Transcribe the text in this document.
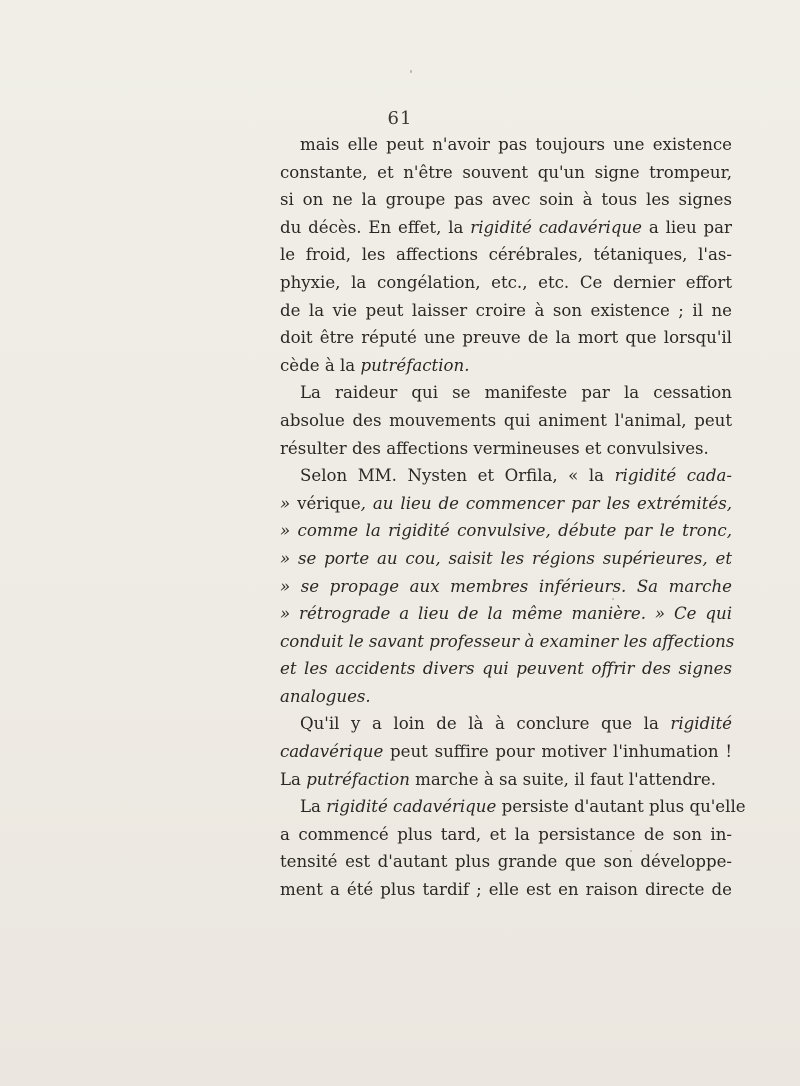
61
mais elle peut n'avoir pas toujours une existence
constante, et n'être souvent qu'un signe trompeur,
si on ne la groupe pas avec soin à tous les signes
du décès. En effet, la rigidité cadavérique a lieu par
le froid, les affections cérébrales, tétaniques, l'as-
phyxie, la congélation, etc., etc. Ce dernier effort
de la vie peut laisser croire à son existence ; il ne
doit être réputé une preuve de la mort que lorsqu'il
cède à la putréfaction.
La raideur qui se manifeste par la cessation
absolue des mouvements qui animent l'animal, peut
résulter des affections vermineuses et convulsives.
Selon MM. Nysten et Orfila, « la rigidité cada-
» vérique, au lieu de commencer par les extrémités,
» comme la rigidité convulsive, débute par le tronc,
» se porte au cou, saisit les régions supérieures, et
» se propage aux membres inférieurs. Sa marche
» rétrograde a lieu de la même manière. » Ce qui
conduit le savant professeur à examiner les affections
et les accidents divers qui peuvent offrir des signes
analogues.
Qu'il y a loin de là à conclure que la rigidité
cadavérique peut suffire pour motiver l'inhumation !
La putréfaction marche à sa suite, il faut l'attendre.
La rigidité cadavérique persiste d'autant plus qu'elle
a commencé plus tard, et la persistance de son in-
tensité est d'autant plus grande que son développe-
ment a été plus tardif ; elle est en raison directe de
